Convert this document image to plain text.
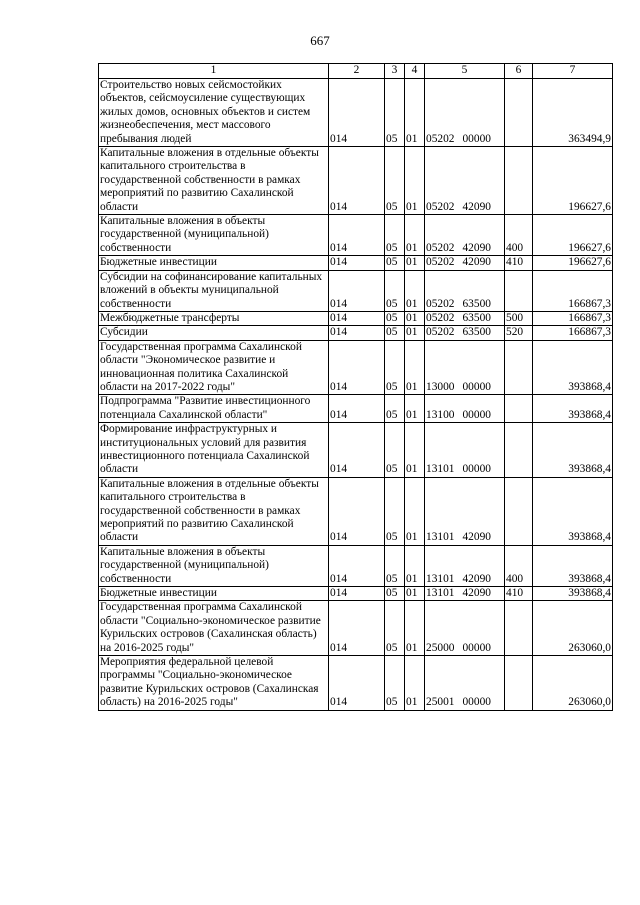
667
1	2	3	4	5	6	7
Строительство новых сейсмостойких объектов, сейсмоусиление существующих жилых домов, основных объектов и систем жизнеобеспечения, мест массового пребывания людей	014	05	01	05202 00000		363494,9
Капитальные вложения в отдельные объекты капитального строительства в государственной собственности в рамках мероприятий по развитию Сахалинской области	014	05	01	05202 42090		196627,6
Капитальные вложения в объекты государственной (муниципальной) собственности	014	05	01	05202 42090	400	196627,6
Бюджетные инвестиции	014	05	01	05202 42090	410	196627,6
Субсидии на софинансирование капитальных вложений в объекты муниципальной собственности	014	05	01	05202 63500		166867,3
Межбюджетные трансферты	014	05	01	05202 63500	500	166867,3
Субсидии	014	05	01	05202 63500	520	166867,3
Государственная программа Сахалинской области "Экономическое развитие и инновационная политика Сахалинской области на 2017-2022 годы"	014	05	01	13000 00000		393868,4
Подпрограмма "Развитие инвестиционного потенциала Сахалинской области"	014	05	01	13100 00000		393868,4
Формирование инфраструктурных и институциональных условий для развития инвестиционного потенциала Сахалинской области	014	05	01	13101 00000		393868,4
Капитальные вложения в отдельные объекты капитального строительства в государственной собственности в рамках мероприятий по развитию Сахалинской области	014	05	01	13101 42090		393868,4
Капитальные вложения в объекты государственной (муниципальной) собственности	014	05	01	13101 42090	400	393868,4
Бюджетные инвестиции	014	05	01	13101 42090	410	393868,4
Государственная программа Сахалинской области "Социально-экономическое развитие Курильских островов (Сахалинская область) на 2016-2025 годы"	014	05	01	25000 00000		263060,0
Мероприятия федеральной целевой программы "Социально-экономическое развитие Курильских островов (Сахалинская область) на 2016-2025 годы"	014	05	01	25001 00000		263060,0
